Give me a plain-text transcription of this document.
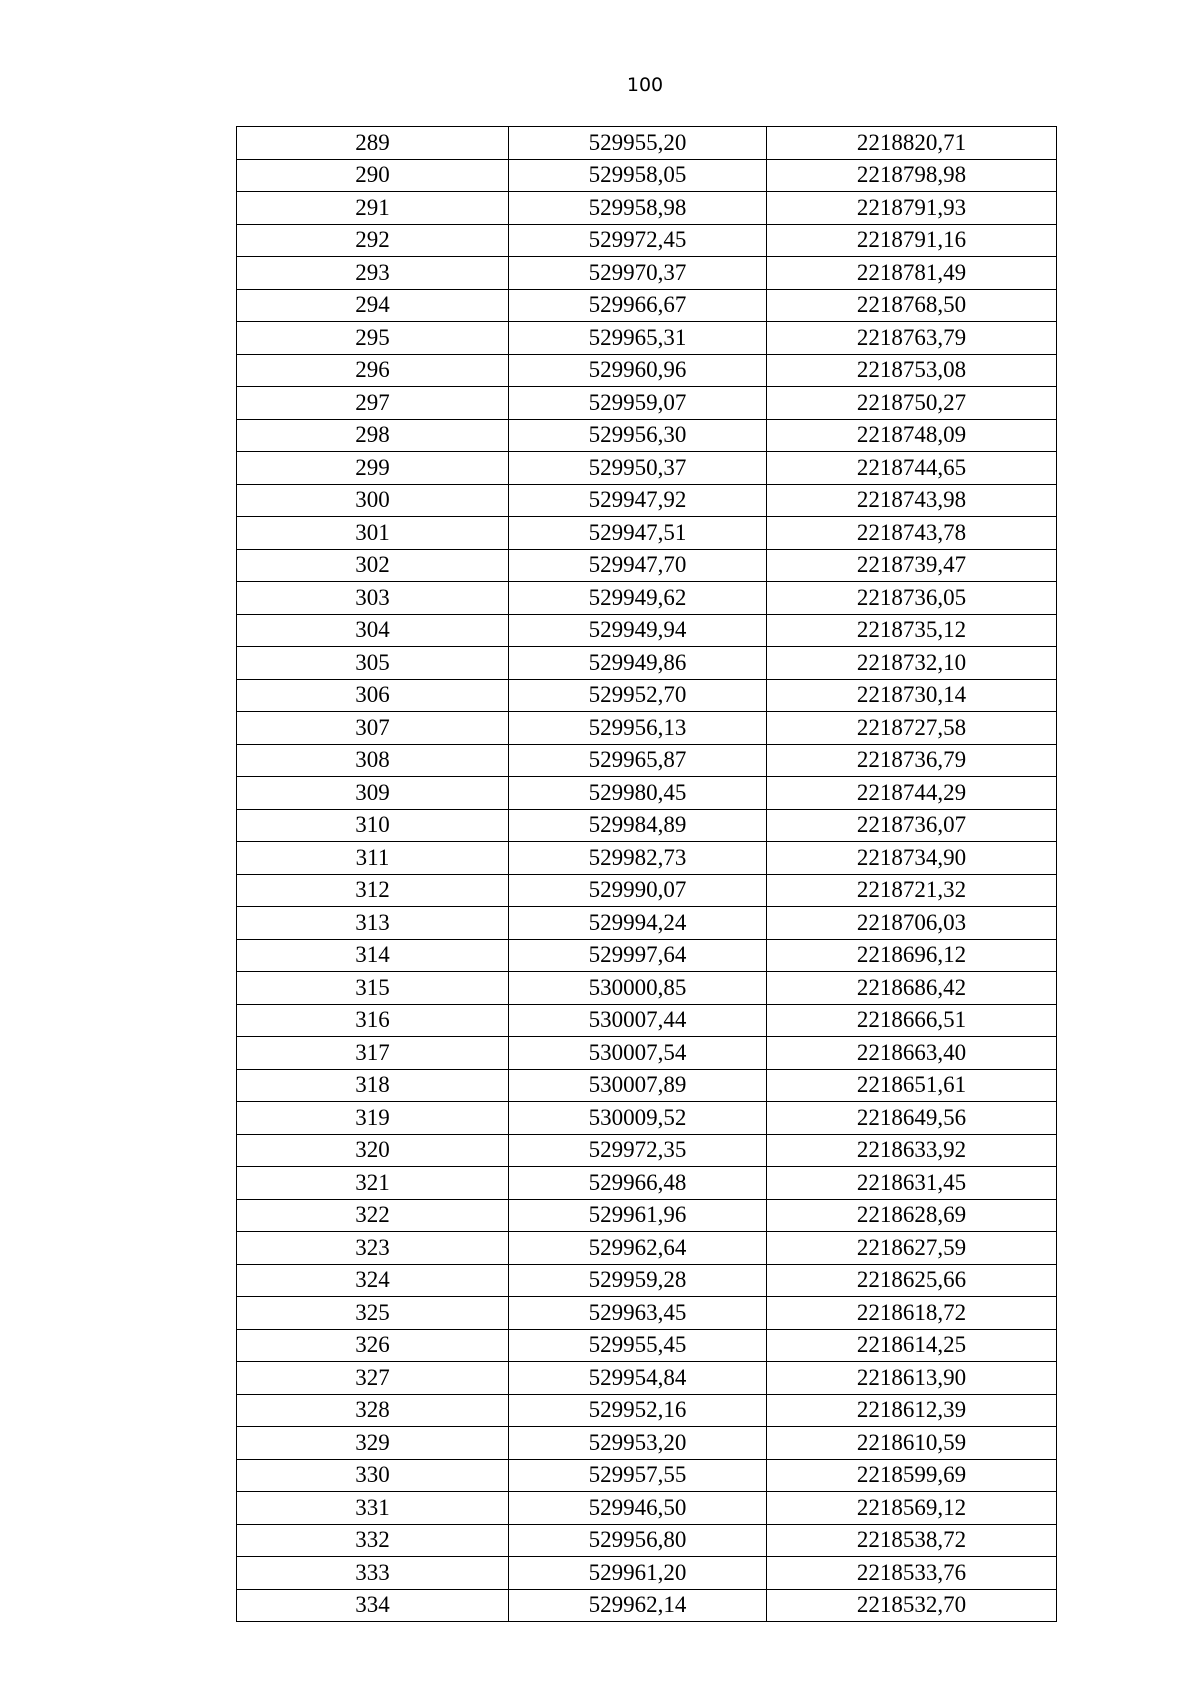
100
289	529955,20	2218820,71
290	529958,05	2218798,98
291	529958,98	2218791,93
292	529972,45	2218791,16
293	529970,37	2218781,49
294	529966,67	2218768,50
295	529965,31	2218763,79
296	529960,96	2218753,08
297	529959,07	2218750,27
298	529956,30	2218748,09
299	529950,37	2218744,65
300	529947,92	2218743,98
301	529947,51	2218743,78
302	529947,70	2218739,47
303	529949,62	2218736,05
304	529949,94	2218735,12
305	529949,86	2218732,10
306	529952,70	2218730,14
307	529956,13	2218727,58
308	529965,87	2218736,79
309	529980,45	2218744,29
310	529984,89	2218736,07
311	529982,73	2218734,90
312	529990,07	2218721,32
313	529994,24	2218706,03
314	529997,64	2218696,12
315	530000,85	2218686,42
316	530007,44	2218666,51
317	530007,54	2218663,40
318	530007,89	2218651,61
319	530009,52	2218649,56
320	529972,35	2218633,92
321	529966,48	2218631,45
322	529961,96	2218628,69
323	529962,64	2218627,59
324	529959,28	2218625,66
325	529963,45	2218618,72
326	529955,45	2218614,25
327	529954,84	2218613,90
328	529952,16	2218612,39
329	529953,20	2218610,59
330	529957,55	2218599,69
331	529946,50	2218569,12
332	529956,80	2218538,72
333	529961,20	2218533,76
334	529962,14	2218532,70
